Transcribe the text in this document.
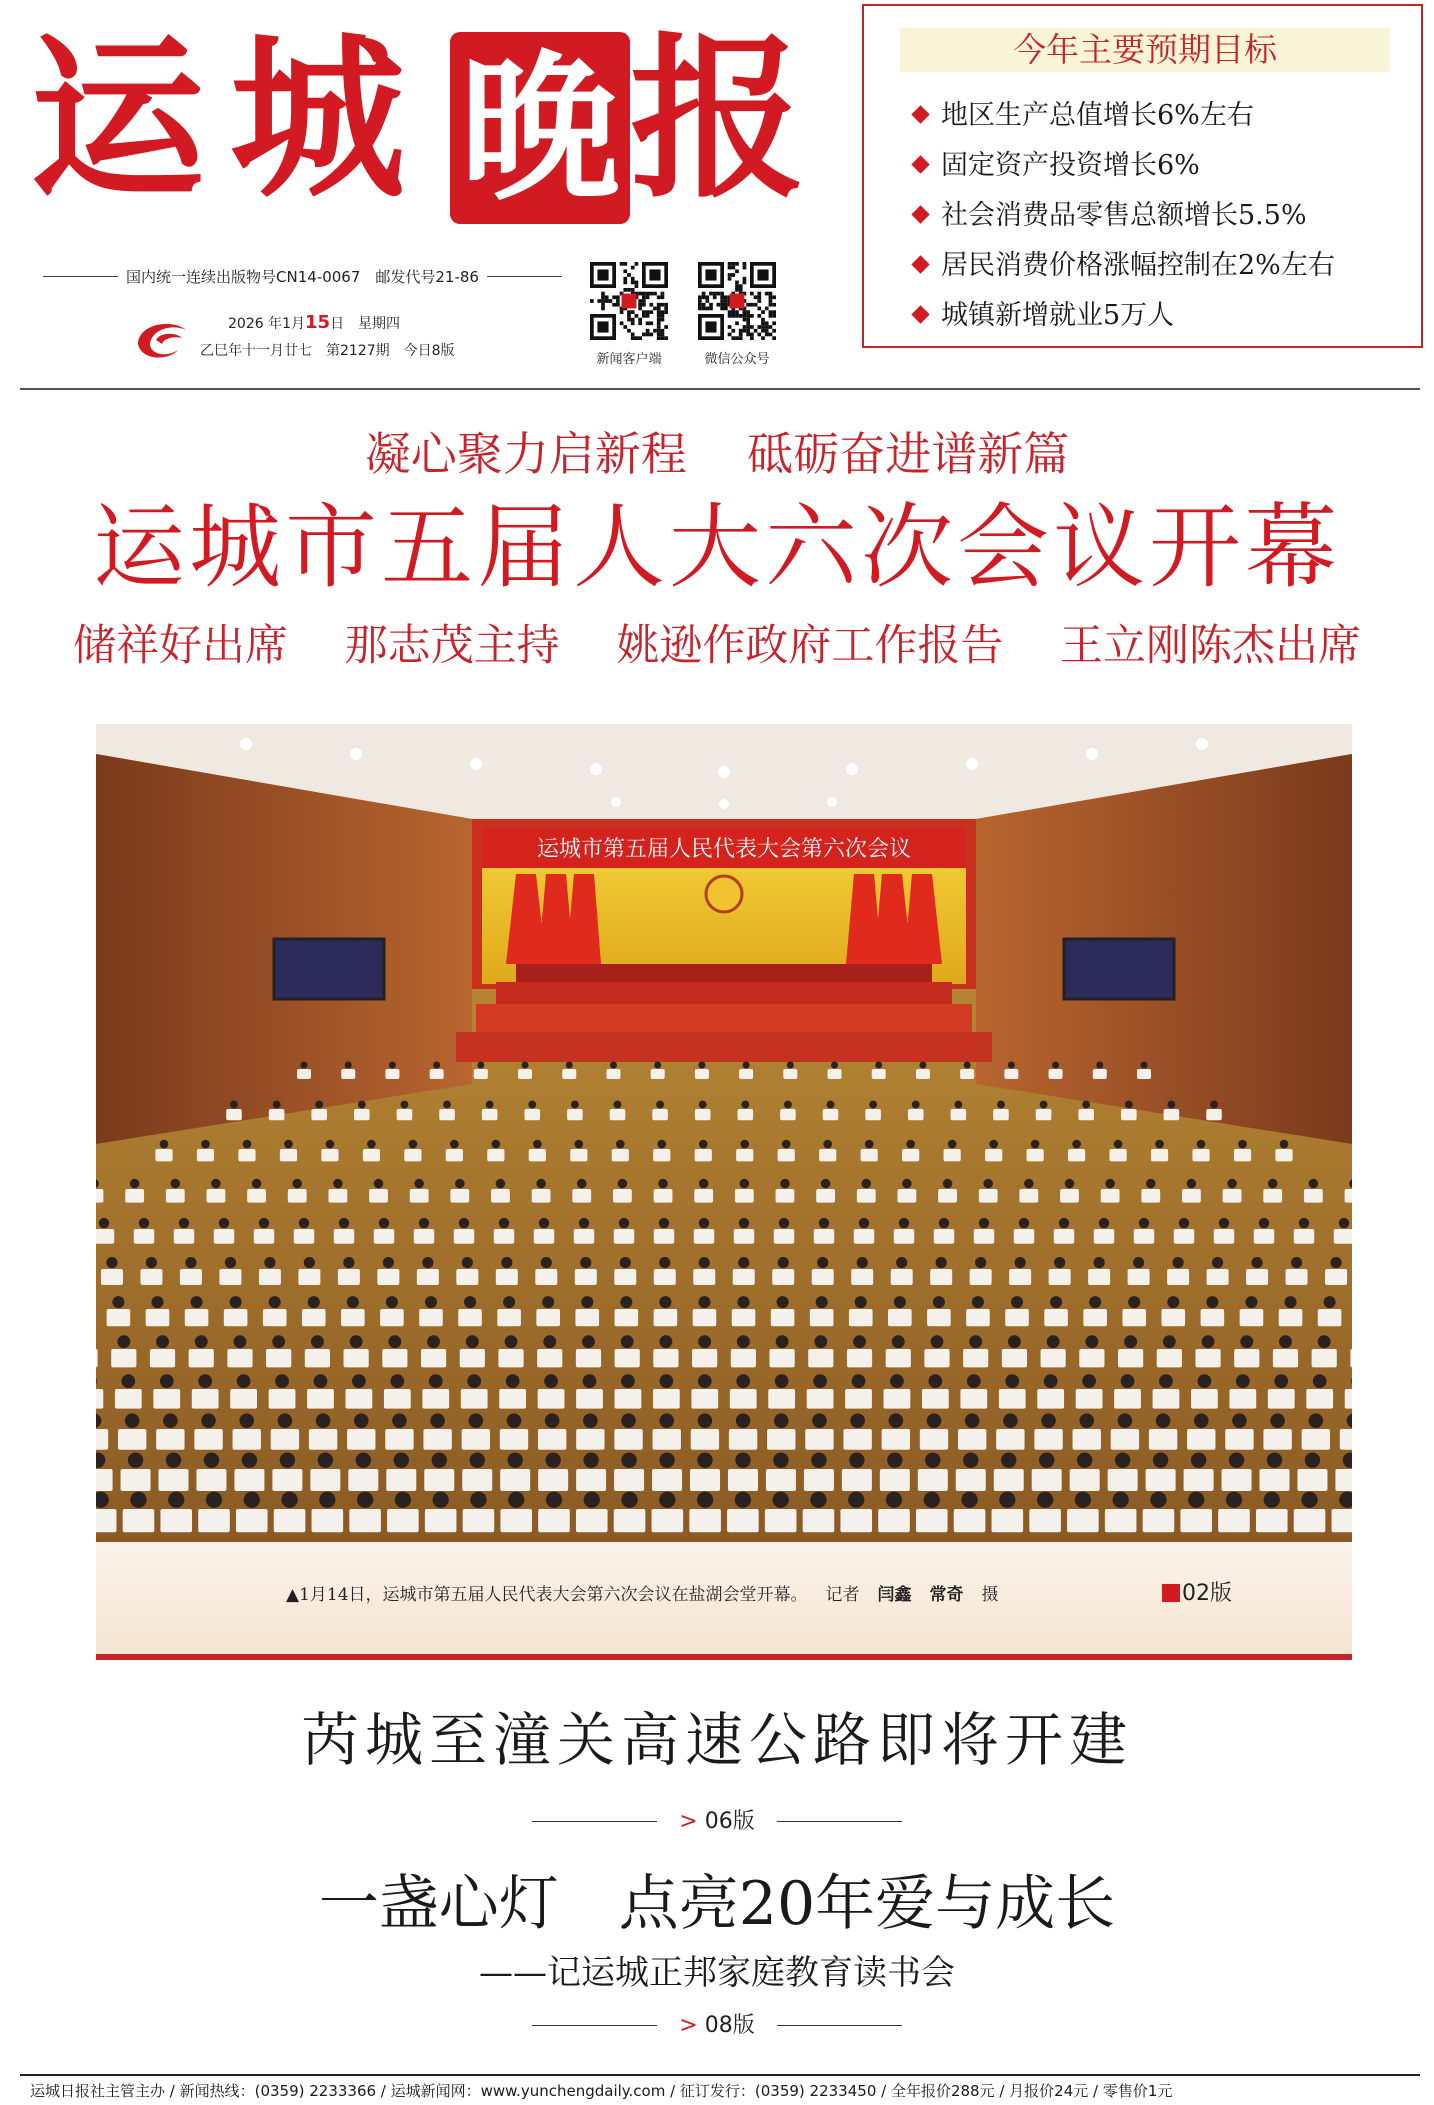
运 城 晚 报
国内统一连续出版物号CN14-0067　邮发代号21-86
2026 年1月15日　星期四
乙巳年十一月廿七　第2127期　今日8版
新闻客户端	微信公众号
今年主要预期目标
地区生产总值增长6%左右
固定资产投资增长6%
社会消费品零售总额增长5.5%
居民消费价格涨幅控制在2%左右
城镇新增就业5万人
凝心聚力启新程　 砥砺奋进谱新篇
运城市五届人大六次会议开幕
储祥好出席　 那志茂主持　 姚逊作政府工作报告　 王立刚陈杰出席
运城市第五届人民代表大会第六次会议
▲1月14日，运城市第五届人民代表大会第六次会议在盐湖会堂开幕。 记者 闫鑫 常奇 摄	02版
芮城至潼关高速公路即将开建
> 06版
一盏心灯　点亮20年爱与成长
——记运城正邦家庭教育读书会
> 08版
运城日报社主管主办 / 新闻热线：(0359) 2233366 / 运城新闻网：www.yunchengdaily.com / 征订发行：(0359) 2233450 / 全年报价288元 / 月报价24元 / 零售价1元
